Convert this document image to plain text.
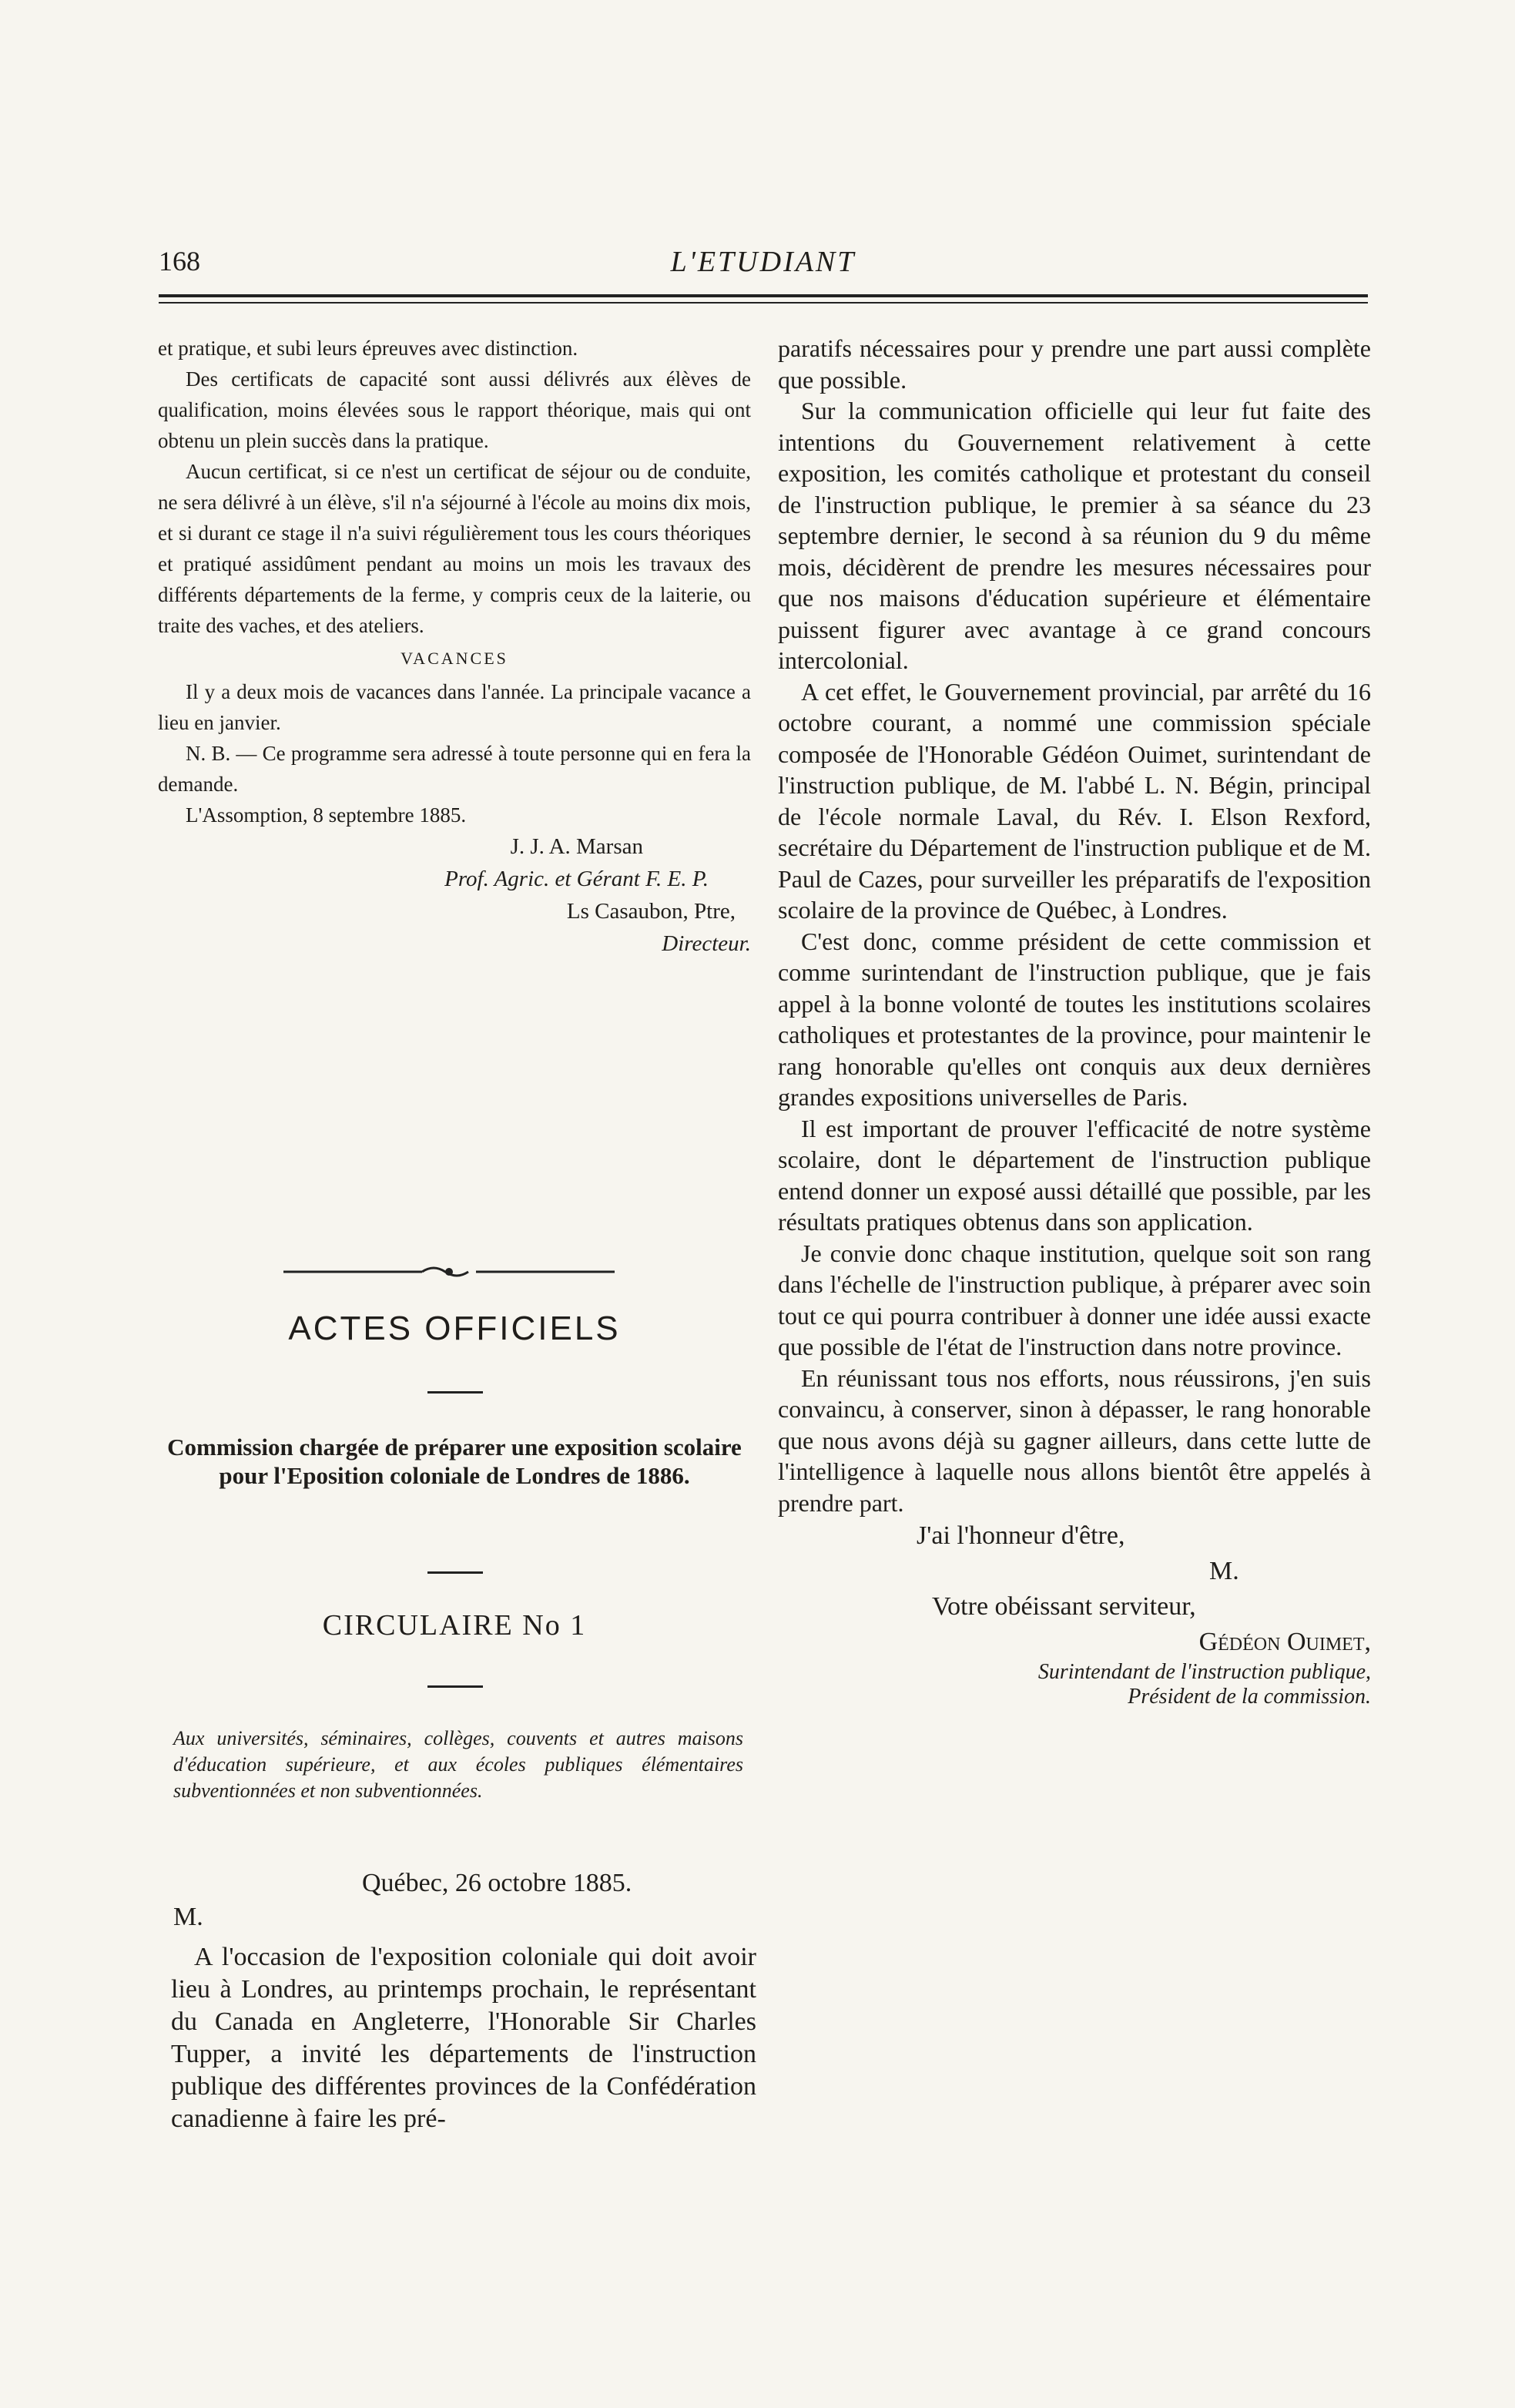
168	L'ETUDIANT

et pratique, et subi leurs épreuves avec distinction.

Des certificats de capacité sont aussi délivrés aux élèves de qualification, moins élevées sous le rapport théorique, mais qui ont obtenu un plein succès dans la pratique.

Aucun certificat, si ce n'est un certificat de séjour ou de conduite, ne sera délivré à un élève, s'il n'a séjourné à l'école au moins dix mois, et si durant ce stage il n'a suivi régulièrement tous les cours théoriques et pratiqué assidûment pendant au moins un mois les travaux des différents départements de la ferme, y compris ceux de la laiterie, ou traite des vaches, et des ateliers.

VACANCES

Il y a deux mois de vacances dans l'année. La principale vacance a lieu en janvier.

N. B. — Ce programme sera adressé à toute personne qui en fera la demande.

L'Assomption, 8 septembre 1885.

J. J. A. Marsan
Prof. Agric. et Gérant F. E. P.
Ls Casaubon, Ptre,
Directeur.
ACTES OFFICIELS
Commission chargée de préparer une exposition scolaire pour l'Eposition coloniale de Londres de 1886.
CIRCULAIRE No 1
Aux universités, séminaires, collèges, couvents et autres maisons d'éducation supérieure, et aux écoles publiques élémentaires subventionnées et non subventionnées.
Québec, 26 octobre 1885.
M.

A l'occasion de l'exposition coloniale qui doit avoir lieu à Londres, au printemps prochain, le représentant du Canada en Angleterre, l'Honorable Sir Charles Tupper, a invité les départements de l'instruction publique des différentes provinces de la Confédération canadienne à faire les pré-

paratifs nécessaires pour y prendre une part aussi complète que possible.

Sur la communication officielle qui leur fut faite des intentions du Gouvernement relativement à cette exposition, les comités catholique et protestant du conseil de l'instruction publique, le premier à sa séance du 23 septembre dernier, le second à sa réunion du 9 du même mois, décidèrent de prendre les mesures nécessaires pour que nos maisons d'éducation supérieure et élémentaire puissent figurer avec avantage à ce grand concours intercolonial.

A cet effet, le Gouvernement provincial, par arrêté du 16 octobre courant, a nommé une commission spéciale composée de l'Honorable Gédéon Ouimet, surintendant de l'instruction publique, de M. l'abbé L. N. Bégin, principal de l'école normale Laval, du Rév. I. Elson Rexford, secrétaire du Département de l'instruction publique et de M. Paul de Cazes, pour surveiller les préparatifs de l'exposition scolaire de la province de Québec, à Londres.

C'est donc, comme président de cette commission et comme surintendant de l'instruction publique, que je fais appel à la bonne volonté de toutes les institutions scolaires catholiques et protestantes de la province, pour maintenir le rang honorable qu'elles ont conquis aux deux dernières grandes expositions universelles de Paris.

Il est important de prouver l'efficacité de notre système scolaire, dont le département de l'instruction publique entend donner un exposé aussi détaillé que possible, par les résultats pratiques obtenus dans son application.

Je convie donc chaque institution, quelque soit son rang dans l'échelle de l'instruction publique, à préparer avec soin tout ce qui pourra contribuer à donner une idée aussi exacte que possible de l'état de l'instruction dans notre province.

En réunissant tous nos efforts, nous réussirons, j'en suis convaincu, à conserver, sinon à dépasser, le rang honorable que nous avons déjà su gagner ailleurs, dans cette lutte de l'intelligence à laquelle nous allons bientôt être appelés à prendre part.

J'ai l'honneur d'être,
M.
Votre obéissant serviteur,
Gédéon Ouimet,
Surintendant de l'instruction publique,
Président de la commission.
